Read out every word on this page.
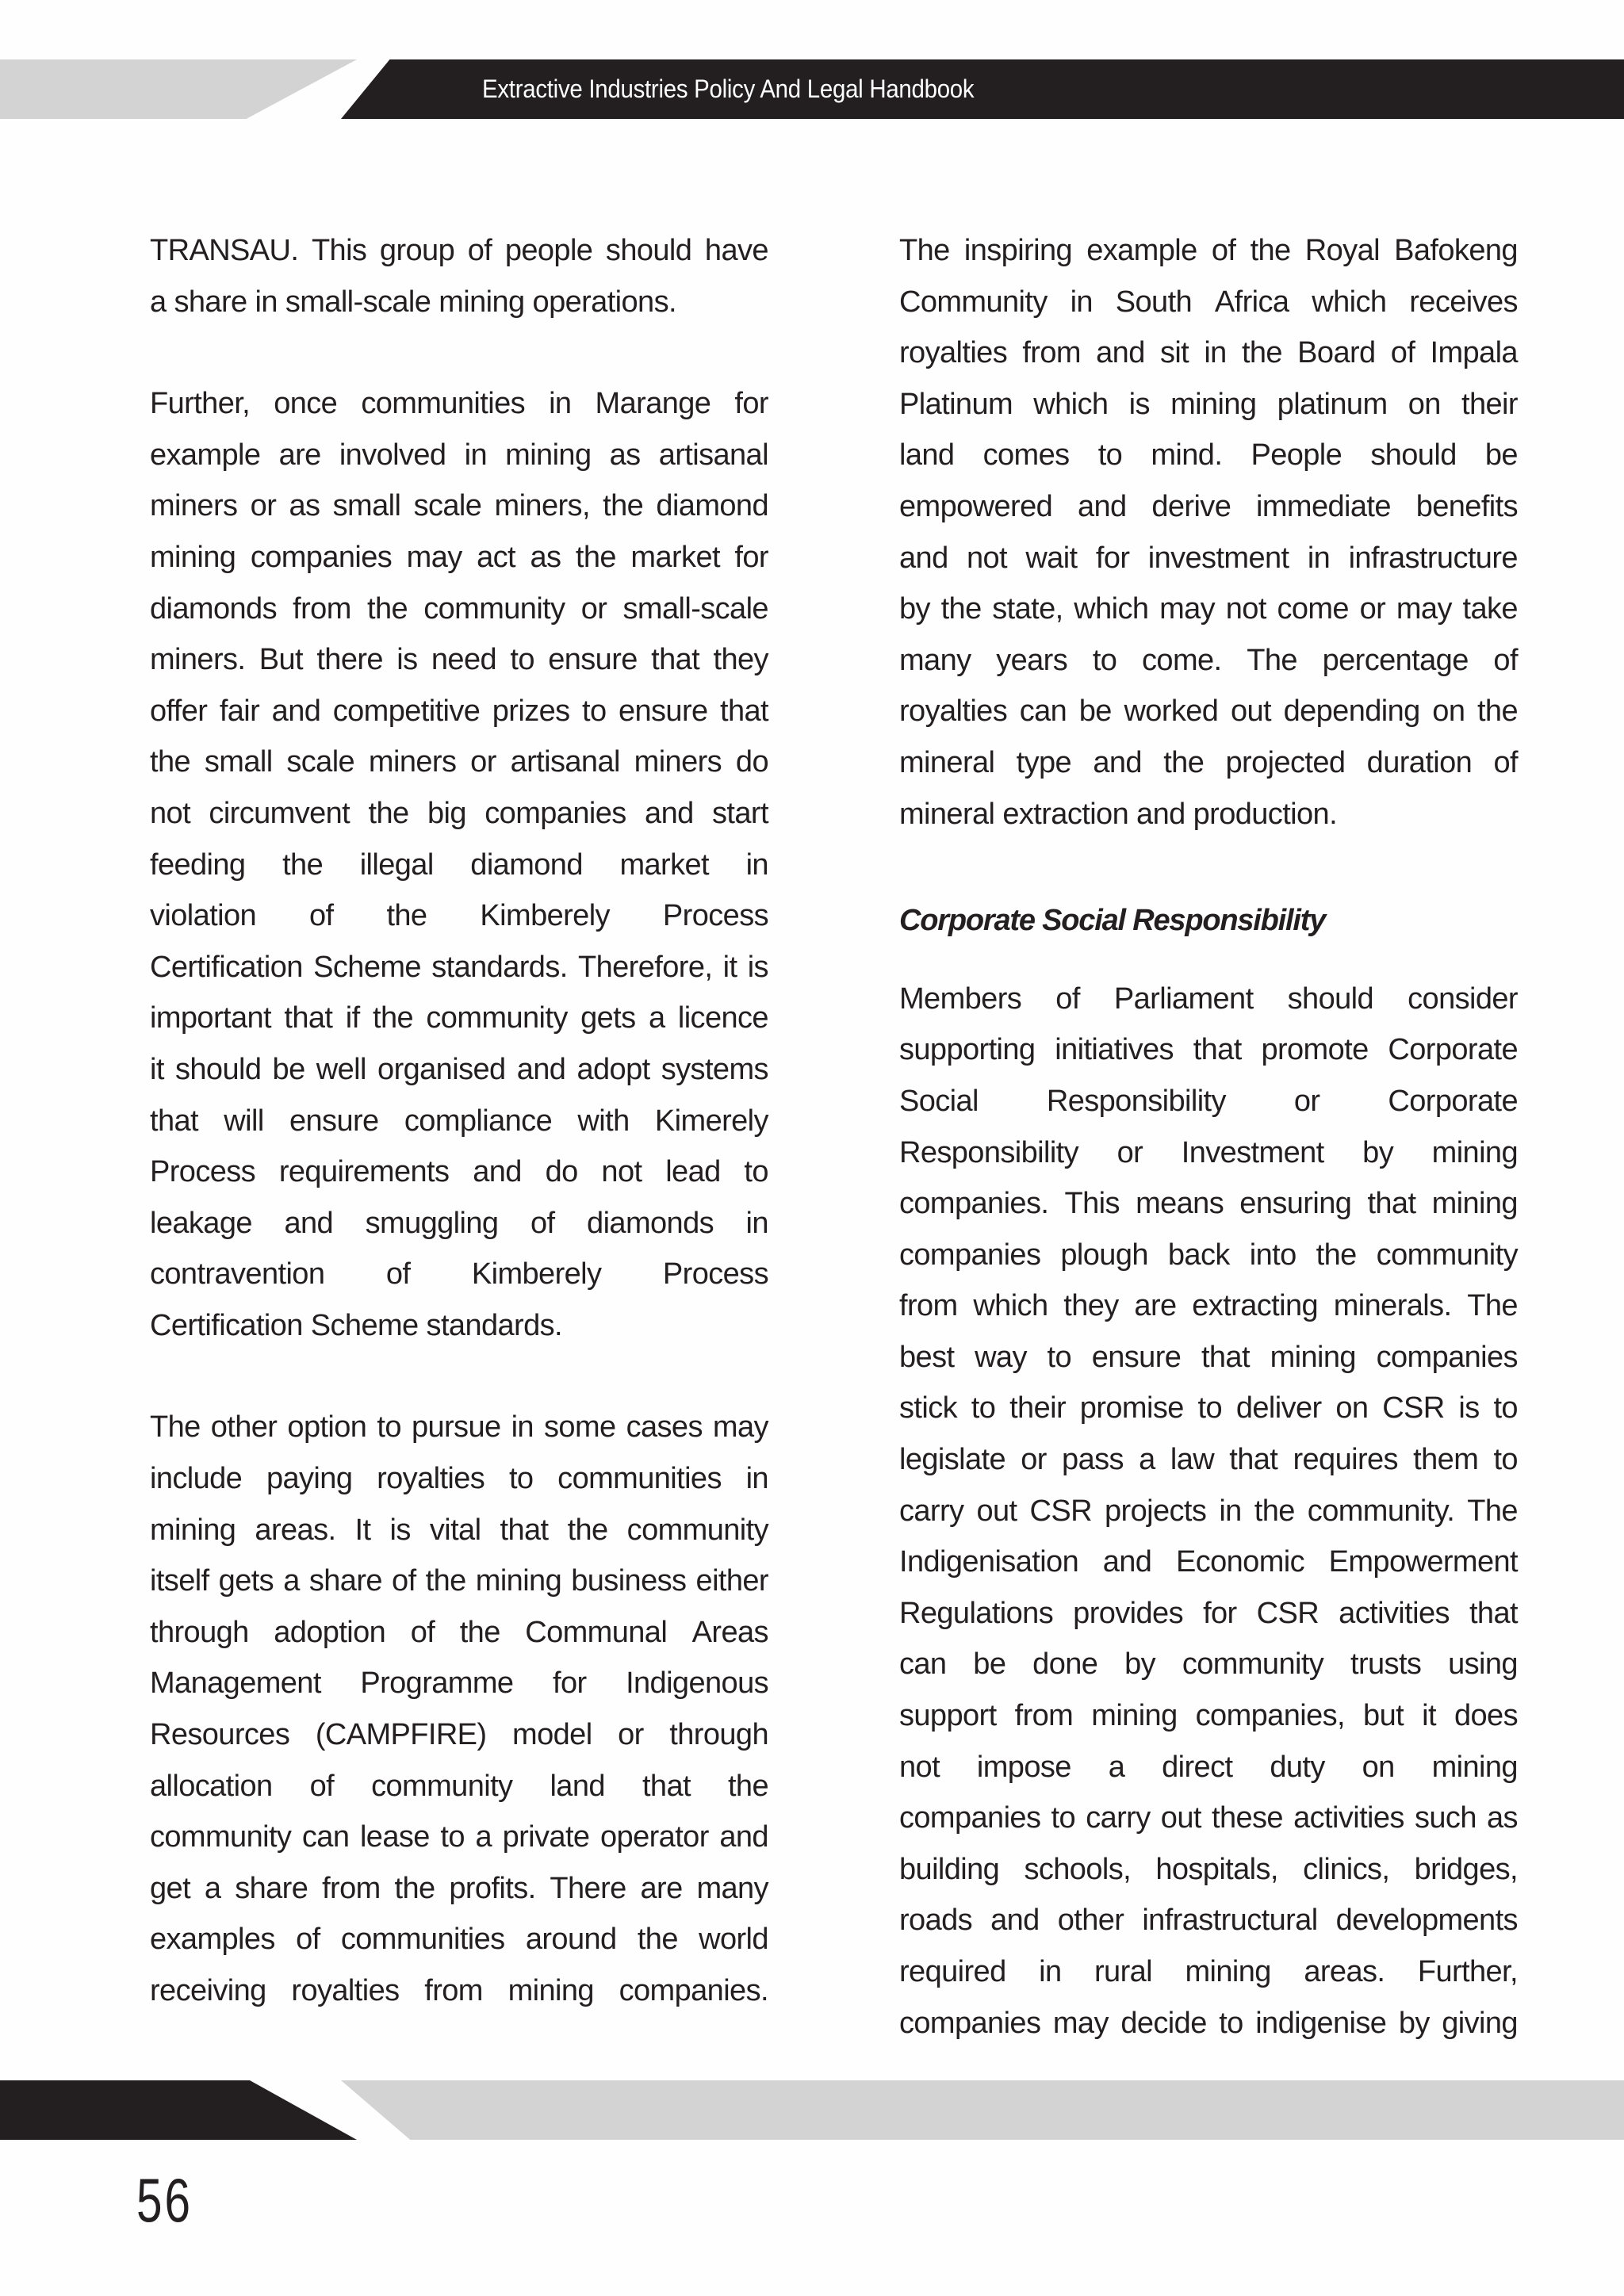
Extractive Industries Policy And Legal Handbook

TRANSAU. This group of people should have
a share in small-scale mining operations.

Further, once communities in Marange for
example are involved in mining as artisanal
miners or as small scale miners, the diamond
mining companies may act as the market for
diamonds from the community or small-scale
miners. But there is need to ensure that they
offer fair and competitive prizes to ensure that
the small scale miners or artisanal miners do
not circumvent the big companies and start
feeding the illegal diamond market in
violation of the Kimberely Process
Certification Scheme standards. Therefore, it is
important that if the community gets a licence
it should be well organised and adopt systems
that will ensure compliance with Kimerely
Process requirements and do not lead to
leakage and smuggling of diamonds in
contravention of Kimberely Process
Certification Scheme standards.

The other option to pursue in some cases may
include paying royalties to communities in
mining areas. It is vital that the community
itself gets a share of the mining business either
through adoption of the Communal Areas
Management Programme for Indigenous
Resources (CAMPFIRE) model or through
allocation of community land that the
community can lease to a private operator and
get a share from the profits. There are many
examples of communities around the world
receiving royalties from mining companies.

The inspiring example of the Royal Bafokeng
Community in South Africa which receives
royalties from and sit in the Board of Impala
Platinum which is mining platinum on their
land comes to mind. People should be
empowered and derive immediate benefits
and not wait for investment in infrastructure
by the state, which may not come or may take
many years to come. The percentage of
royalties can be worked out depending on the
mineral type and the projected duration of
mineral extraction and production.

Corporate Social Responsibility

Members of Parliament should consider
supporting initiatives that promote Corporate
Social Responsibility or Corporate
Responsibility or Investment by mining
companies. This means ensuring that mining
companies plough back into the community
from which they are extracting minerals. The
best way to ensure that mining companies
stick to their promise to deliver on CSR is to
legislate or pass a law that requires them to
carry out CSR projects in the community. The
Indigenisation and Economic Empowerment
Regulations provides for CSR activities that
can be done by community trusts using
support from mining companies, but it does
not impose a direct duty on mining
companies to carry out these activities such as
building schools, hospitals, clinics, bridges,
roads and other infrastructural developments
required in rural mining areas. Further,
companies may decide to indigenise by giving

56
